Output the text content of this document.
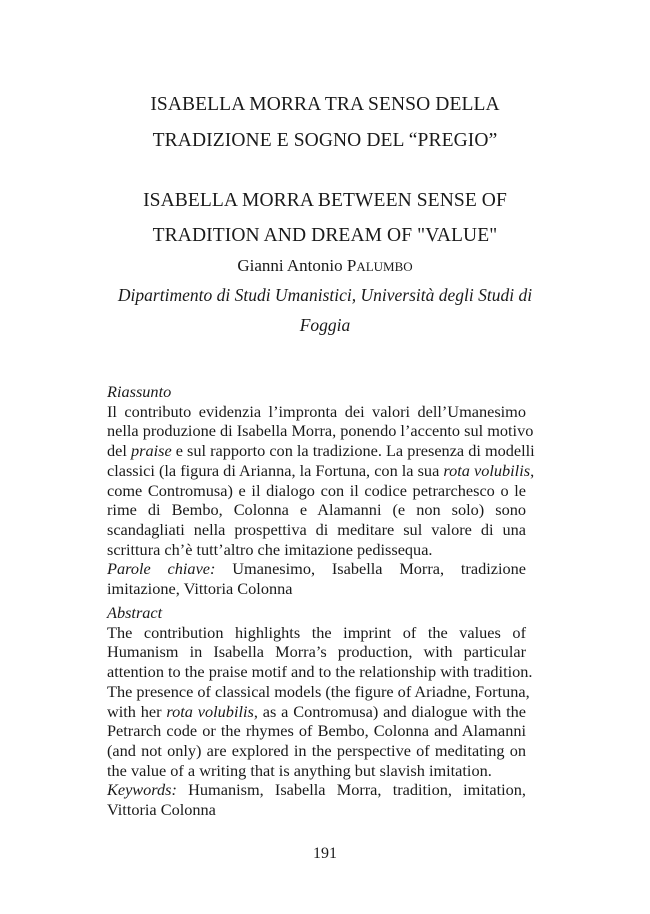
ISABELLA MORRA TRA SENSO DELLA
TRADIZIONE E SOGNO DEL “PREGIO”
ISABELLA MORRA BETWEEN SENSE OF
TRADITION AND DREAM OF "VALUE"
Gianni Antonio PALUMBO
Dipartimento di Studi Umanistici, Università degli Studi di
Foggia
Riassunto
Il contributo evidenzia l’impronta dei valori dell’Umanesimo
nella produzione di Isabella Morra, ponendo l’accento sul motivo
del praise e sul rapporto con la tradizione. La presenza di modelli
classici (la figura di Arianna, la Fortuna, con la sua rota volubilis,
come Contromusa) e il dialogo con il codice petrarchesco o le
rime di Bembo, Colonna e Alamanni (e non solo) sono
scandagliati nella prospettiva di meditare sul valore di una
scrittura ch’è tutt’altro che imitazione pedissequa.
Parole chiave: Umanesimo, Isabella Morra, tradizione
imitazione, Vittoria Colonna
Abstract
The contribution highlights the imprint of the values of
Humanism in Isabella Morra’s production, with particular
attention to the praise motif and to the relationship with tradition.
The presence of classical models (the figure of Ariadne, Fortuna,
with her rota volubilis, as a Contromusa) and dialogue with the
Petrarch code or the rhymes of Bembo, Colonna and Alamanni
(and not only) are explored in the perspective of meditating on
the value of a writing that is anything but slavish imitation.
Keywords: Humanism, Isabella Morra, tradition, imitation,
Vittoria Colonna
191
